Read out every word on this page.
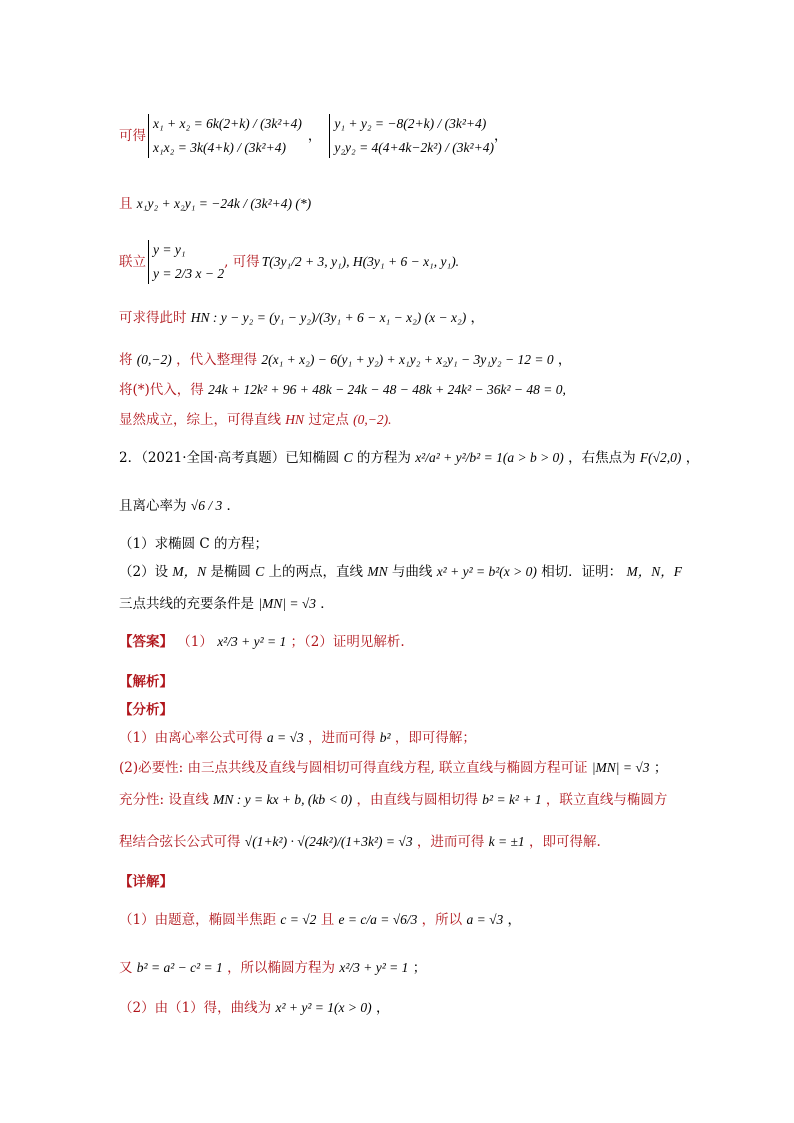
可得
x₁ + x₂ = 6k(2+k) / (3k²+4)
x₁x₂ = 3k(4+k) / (3k²+4)
，
y₁ + y₂ = −8(2+k) / (3k²+4)
y₂y₂ = 4(4+4k−2k²) / (3k²+4)
，
且 x₁y₂ + x₂y₁ = −24k / (3k²+4) (*)
联立
y = y₁
y = 2/3 x − 2
, 可得 T(3y₁/2 + 3, y₁), H(3y₁ + 6 − x₁, y₁).
可求得此时 HN : y − y₂ = (y₁ − y₂)/(3y₁ + 6 − x₁ − x₂) (x − x₂) ，
将 (0,−2) ，代入整理得 2(x₁ + x₂) − 6(y₁ + y₂) + x₁y₂ + x₂y₁ − 3y₁y₂ − 12 = 0 ，
将(*)代入，得 24k + 12k² + 96 + 48k − 24k − 48 − 48k + 24k² − 36k² − 48 = 0,
显然成立，综上，可得直线 HN 过定点 (0,−2).
2．（2021·全国·高考真题）已知椭圆 C 的方程为 x²/a² + y²/b² = 1(a > b > 0) ，右焦点为 F(√2,0) ，
且离心率为 √6 / 3 ．
（1）求椭圆 C 的方程；
（2）设 M，N 是椭圆 C 上的两点，直线 MN 与曲线 x² + y² = b²(x > 0) 相切．证明： M，N，F
三点共线的充要条件是 |MN| = √3 ．
【答案】 （1） x²/3 + y² = 1 ；（2）证明见解析.
【解析】
【分析】
（1）由离心率公式可得 a = √3 ，进而可得 b² ，即可得解；
(2)必要性: 由三点共线及直线与圆相切可得直线方程, 联立直线与椭圆方程可证 |MN| = √3 ；
充分性: 设直线 MN : y = kx + b, (kb < 0) ，由直线与圆相切得 b² = k² + 1 ，联立直线与椭圆方
程结合弦长公式可得 √(1+k²) · √(24k²)/(1+3k²) = √3 ，进而可得 k = ±1 ，即可得解.
【详解】
（1）由题意，椭圆半焦距 c = √2 且 e = c/a = √6/3 ，所以 a = √3 ，
又 b² = a² − c² = 1 ，所以椭圆方程为 x²/3 + y² = 1 ；
（2）由（1）得，曲线为 x² + y² = 1(x > 0) ，
